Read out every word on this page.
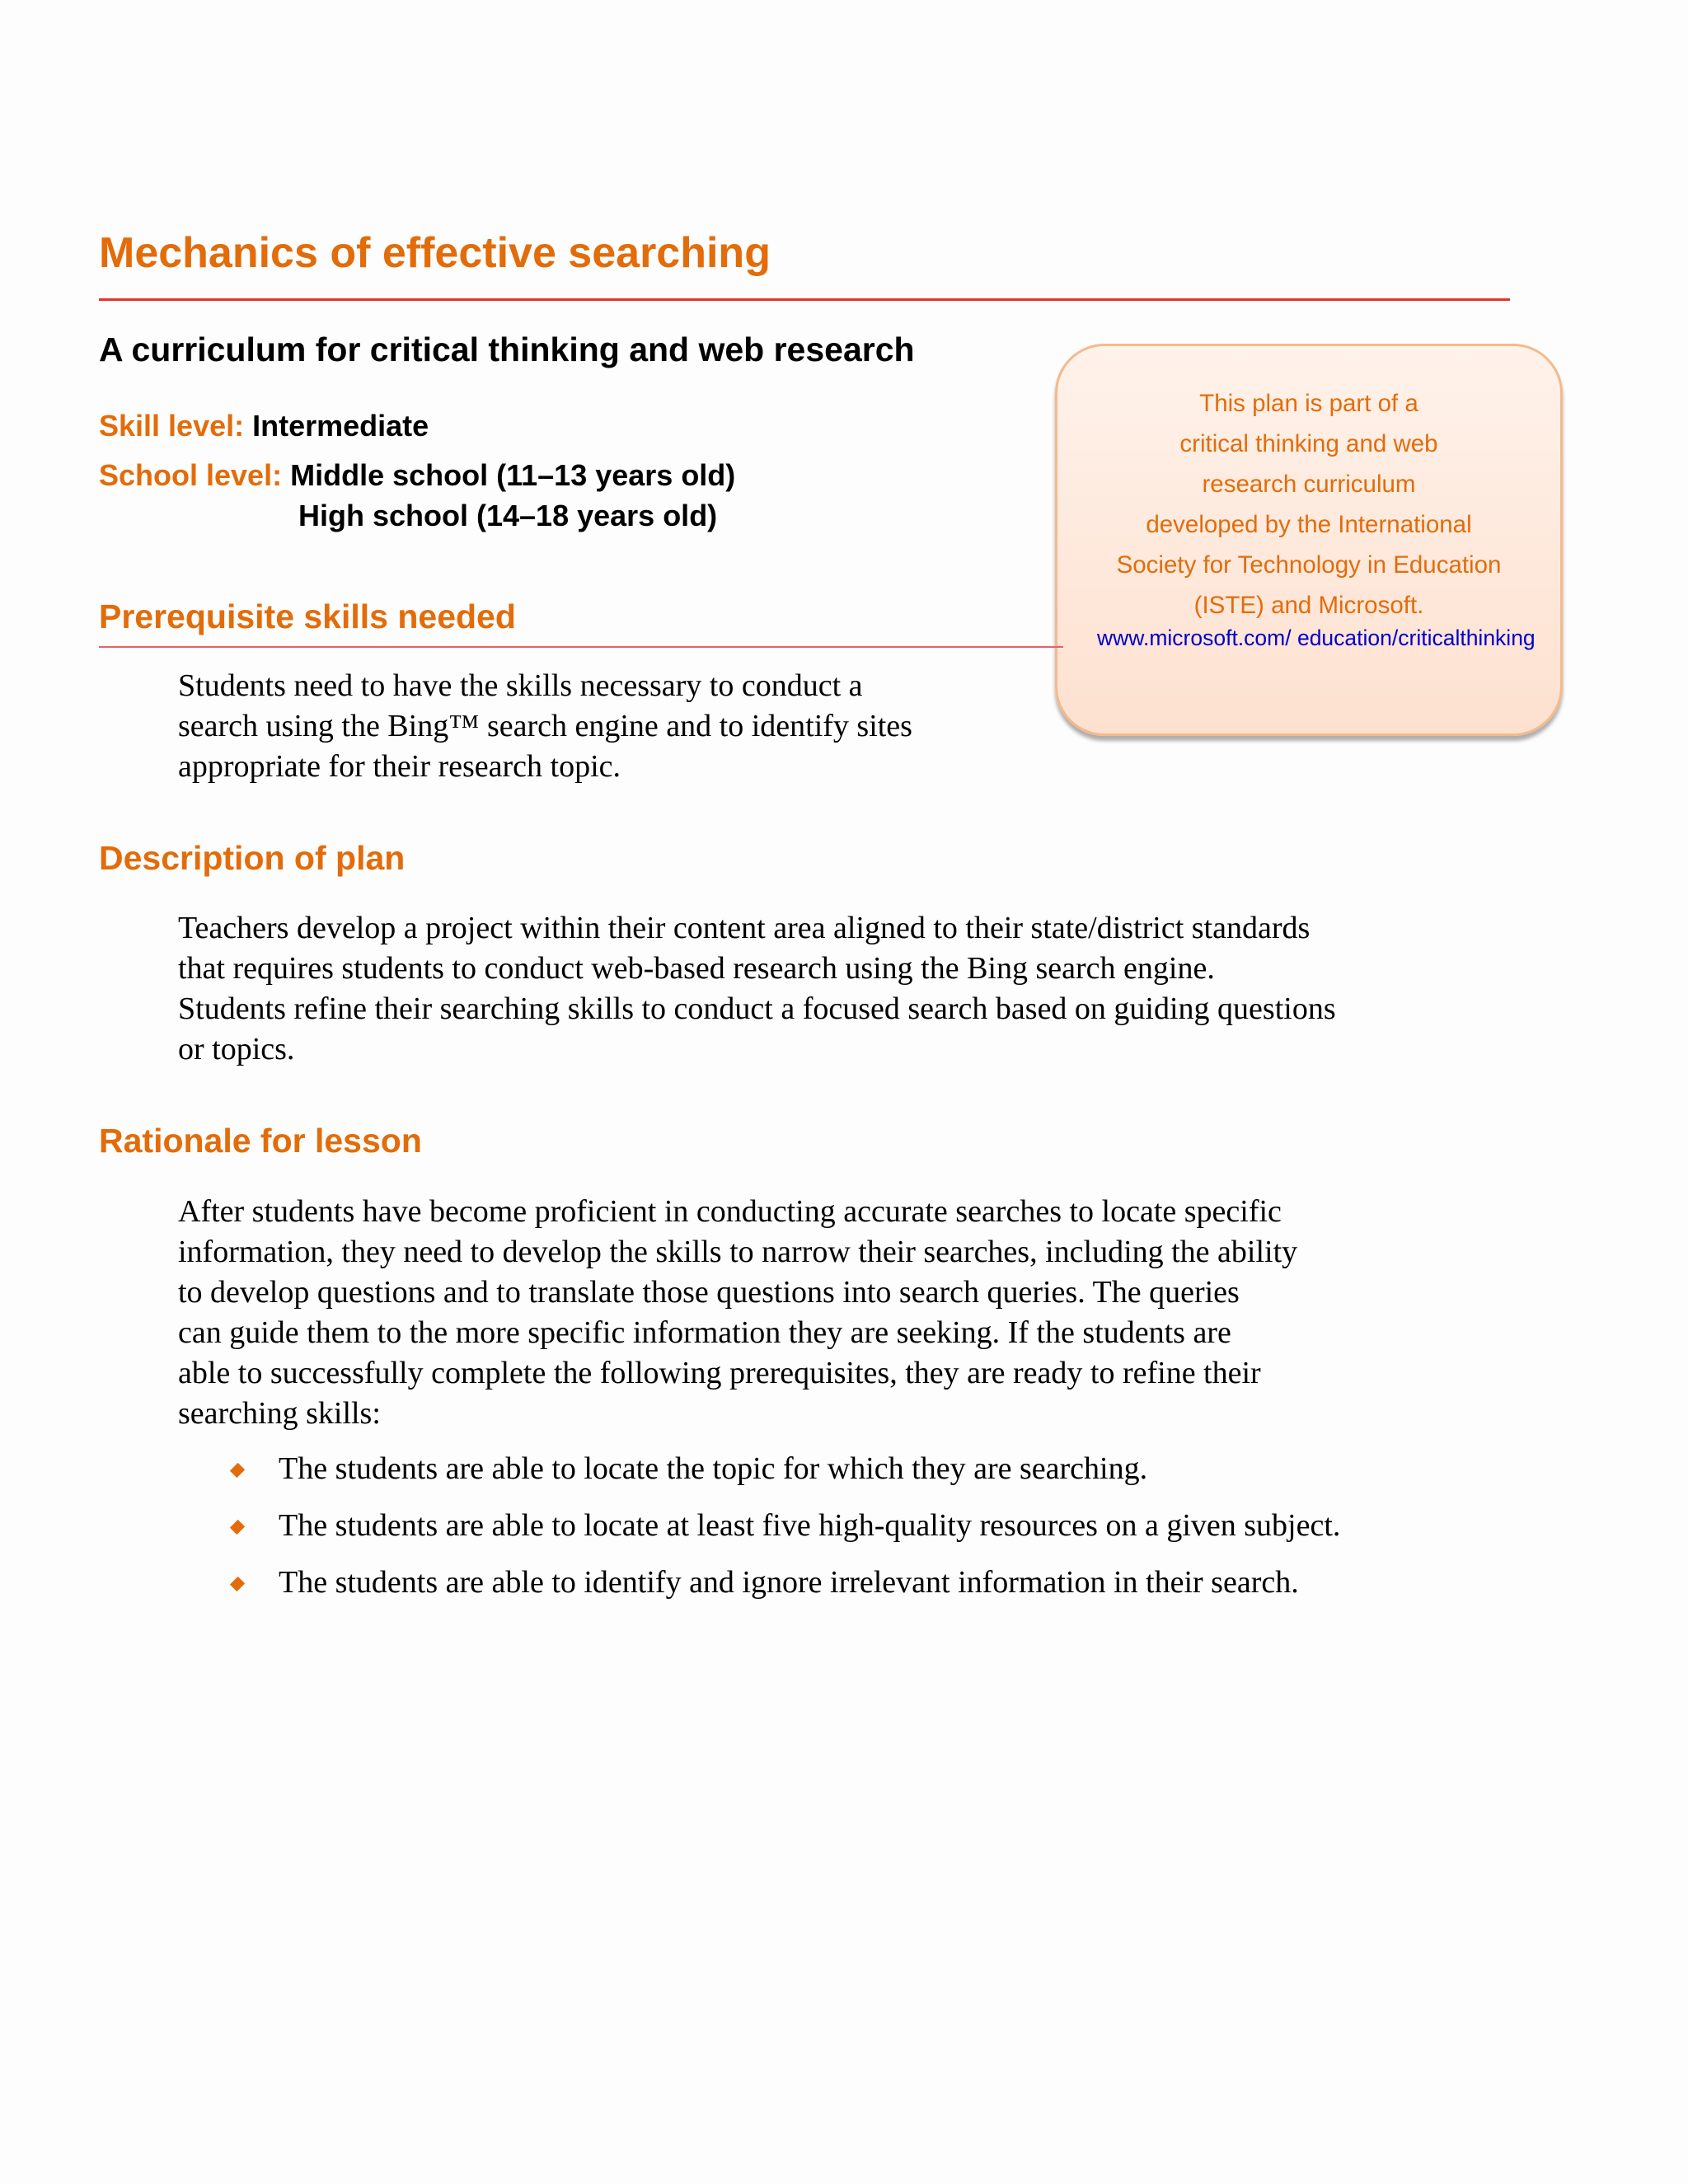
Mechanics of effective searching
A curriculum for critical thinking and web research
Skill level: Intermediate
School level: Middle school (11–13 years old)
High school (14–18 years old)

This plan is part of a
critical thinking and web
research curriculum
developed by the International
Society for Technology in Education
(ISTE) and Microsoft.

www.microsoft.com/ education/criticalthinking
Prerequisite skills needed

Students need to have the skills necessary to conduct a
search using the Bing™ search engine and to identify sites
appropriate for their research topic.

Description of plan

Teachers develop a project within their content area aligned to their state/district standards
that requires students to conduct web-based research using the Bing search engine.
Students refine their searching skills to conduct a focused search based on guiding questions
or topics.

Rationale for lesson

After students have become proficient in conducting accurate searches to locate specific
information, they need to develop the skills to narrow their searches, including the ability
to develop questions and to translate those questions into search queries. The queries
can guide them to the more specific information they are seeking. If the students are
able to successfully complete the following prerequisites, they are ready to refine their
searching skills:

The students are able to locate the topic for which they are searching.
The students are able to locate at least five high-quality resources on a given subject.
The students are able to identify and ignore irrelevant information in their search.
